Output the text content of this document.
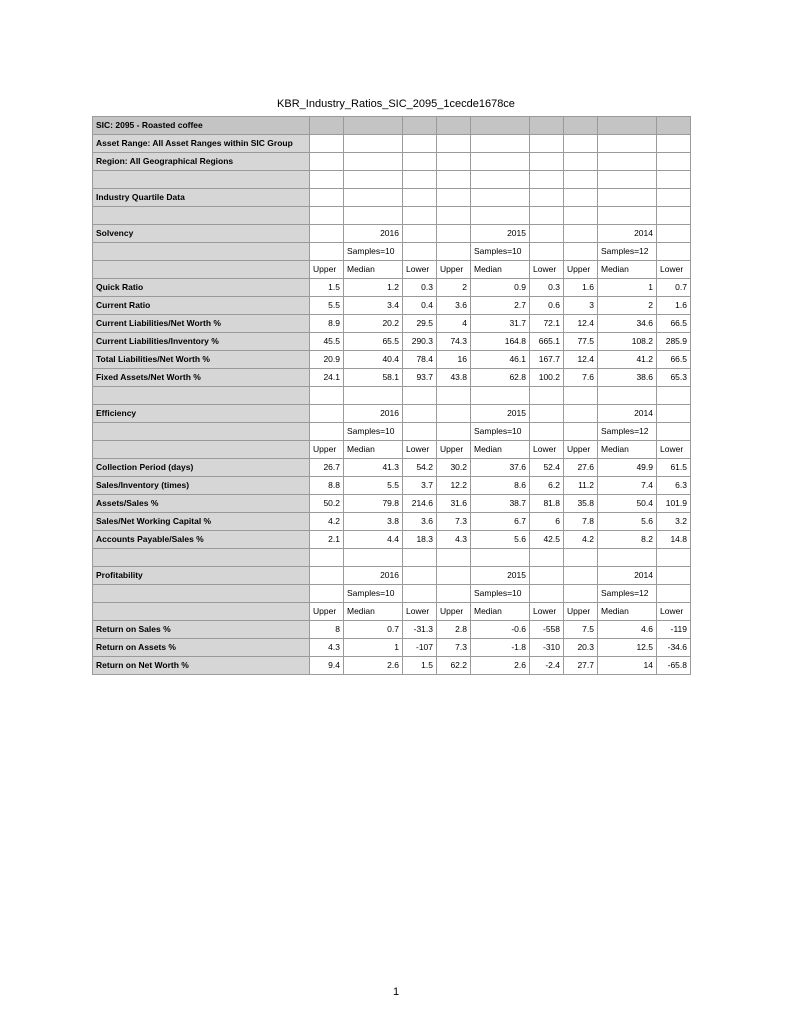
KBR_Industry_Ratios_SIC_2095_1cecde1678ce
SIC: 2095 - Roasted coffee										
Asset Range: All Asset Ranges within SIC Group										
Region: All Geographical Regions										

Industry Quartile Data										

Solvency		2016			2015			2014		
		Samples=10			Samples=10			Samples=12		
	Upper	Median	Lower	Upper	Median	Lower	Upper	Median	Lower	
Quick Ratio	1.5	1.2	0.3	2	0.9	0.3	1.6	1	0.7	
Current Ratio	5.5	3.4	0.4	3.6	2.7	0.6	3	2	1.6	
Current Liabilities/Net Worth %	8.9	20.2	29.5	4	31.7	72.1	12.4	34.6	66.5	
Current Liabilities/Inventory %	45.5	65.5	290.3	74.3	164.8	665.1	77.5	108.2	285.9	
Total Liabilities/Net Worth %	20.9	40.4	78.4	16	46.1	167.7	12.4	41.2	66.5	
Fixed Assets/Net Worth %	24.1	58.1	93.7	43.8	62.8	100.2	7.6	38.6	65.3	

Efficiency		2016			2015			2014		
		Samples=10			Samples=10			Samples=12		
	Upper	Median	Lower	Upper	Median	Lower	Upper	Median	Lower	
Collection Period (days)	26.7	41.3	54.2	30.2	37.6	52.4	27.6	49.9	61.5	
Sales/Inventory (times)	8.8	5.5	3.7	12.2	8.6	6.2	11.2	7.4	6.3	
Assets/Sales %	50.2	79.8	214.6	31.6	38.7	81.8	35.8	50.4	101.9	
Sales/Net Working Capital %	4.2	3.8	3.6	7.3	6.7	6	7.8	5.6	3.2	
Accounts Payable/Sales %	2.1	4.4	18.3	4.3	5.6	42.5	4.2	8.2	14.8	

Profitability		2016			2015			2014		
		Samples=10			Samples=10			Samples=12		
	Upper	Median	Lower	Upper	Median	Lower	Upper	Median	Lower	
Return on Sales %	8	0.7	-31.3	2.8	-0.6	-558	7.5	4.6	-119	
Return on Assets %	4.3	1	-107	7.3	-1.8	-310	20.3	12.5	-34.6	
Return on Net Worth %	9.4	2.6	1.5	62.2	2.6	-2.4	27.7	14	-65.8	
1
